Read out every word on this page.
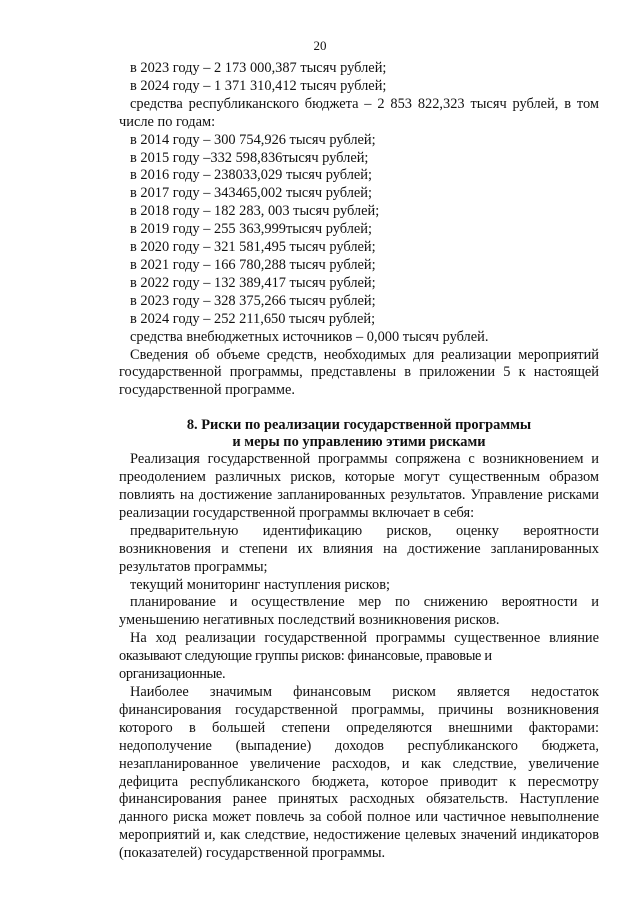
20

в 2023 году – 2 173 000,387 тысяч рублей;

в 2024 году – 1 371 310,412 тысяч рублей;

средства республиканского бюджета – 2 853 822,323 тысяч рублей, в том

числе по годам:

в 2014 году – 300 754,926 тысяч рублей;

в 2015 году –332 598,836тысяч рублей;

в 2016 году – 238033,029 тысяч рублей;

в 2017 году – 343465,002 тысяч рублей;

в 2018 году – 182 283, 003 тысяч рублей;

в 2019 году – 255 363,999тысяч рублей;

в 2020 году – 321 581,495 тысяч рублей;

в 2021 году – 166 780,288 тысяч рублей;

в 2022 году – 132 389,417 тысяч рублей;

в 2023 году – 328 375,266 тысяч рублей;

в 2024 году – 252 211,650 тысяч рублей;

средства внебюджетных источников – 0,000 тысяч рублей.

Сведения об объеме средств, необходимых для реализации мероприятий

государственной программы, представлены в приложении 5 к настоящей

государственной программе.

8. Риски по реализации государственной программы
и меры по управлению этими рисками

Реализация государственной программы сопряжена с возникновением и

преодолением различных рисков, которые могут существенным образом

повлиять на достижение запланированных результатов. Управление рисками

реализации государственной программы включает в себя:

предварительную идентификацию рисков, оценку вероятности

возникновения и степени их влияния на достижение запланированных

результатов программы;

текущий мониторинг наступления рисков;

планирование и осуществление мер по снижению вероятности и

уменьшению негативных последствий возникновения рисков.

На ход реализации государственной программы существенное влияние

оказывают следующие группы рисков: финансовые, правовые и организационные.

Наиболее значимым финансовым риском является недостаток

финансирования государственной программы, причины возникновения

которого в большей степени определяются внешними факторами:

недополучение (выпадение) доходов республиканского бюджета,

незапланированное увеличение расходов, и как следствие, увеличение

дефицита республиканского бюджета, которое приводит к пересмотру

финансирования ранее принятых расходных обязательств. Наступление

данного риска может повлечь за собой полное или частичное невыполнение

мероприятий и, как следствие, недостижение целевых значений индикаторов

(показателей) государственной программы.
